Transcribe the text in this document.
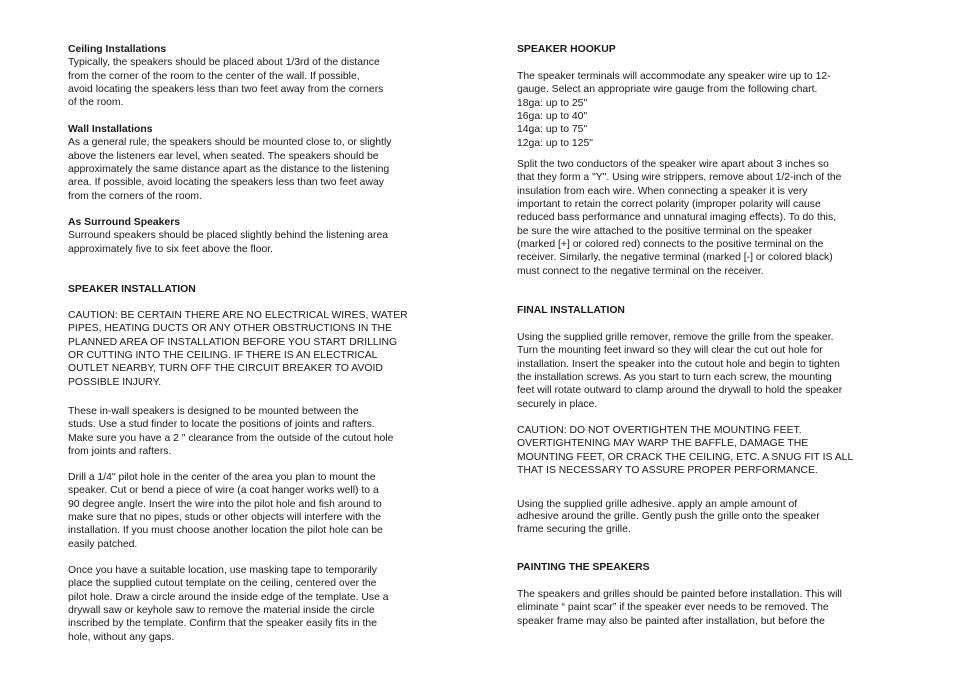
Ceiling Installations
Typically, the speakers should be placed about 1/3rd of the distance
from the corner of the room to the center of the wall. If possible,
avoid locating the speakers less than two feet away from the corners
of the room.
Wall Installations
As a general rule, the speakers should be mounted close to, or slightly
above the listeners ear level, when seated. The speakers should be
approximately the same distance apart as the distance to the listening
area. If possible, avoid locating the speakers less than two feet away
from the corners of the room.
As Surround Speakers
Surround speakers should be placed slightly behind the listening area
approximately five to six feet above the floor.
SPEAKER INSTALLATION
CAUTION: BE CERTAIN THERE ARE NO ELECTRICAL WIRES, WATER
PIPES, HEATING DUCTS OR ANY OTHER OBSTRUCTIONS IN THE
PLANNED AREA OF INSTALLATION BEFORE YOU START DRILLING
OR CUTTING INTO THE CEILING. IF THERE IS AN ELECTRICAL
OUTLET NEARBY, TURN OFF THE CIRCUIT BREAKER TO AVOID
POSSIBLE INJURY.
These in-wall speakers is designed to be mounted between the
studs. Use a stud finder to locate the positions of joints and rafters.
Make sure you have a 2 " clearance from the outside of the cutout hole
from joints and rafters.
Drill a 1/4" pilot hole in the center of the area you plan to mount the
speaker. Cut or bend a piece of wire (a coat hanger works well) to a
90 degree angle. Insert the wire into the pilot hole and fish around to
make sure that no pipes, studs or other objects will interfere with the
installation. If you must choose another location the pilot hole can be
easily patched.
Once you have a suitable location, use masking tape to temporarily
place the supplied cutout template on the ceiling, centered over the
pilot hole. Draw a circle around the inside edge of the template. Use a
drywall saw or keyhole saw to remove the material inside the circle
inscribed by the template. Confirm that the speaker easily fits in the
hole, without any gaps.
SPEAKER HOOKUP
The speaker terminals will accommodate any speaker wire up to 12-
gauge. Select an appropriate wire gauge from the following chart.
18ga: up to 25"
16ga: up to 40"
14ga: up to 75"
12ga: up to 125"
Split the two conductors of the speaker wire apart about 3 inches so
that they form a "Y". Using wire strippers, remove about 1/2-inch of the
insulation from each wire. When connecting a speaker it is very
important to retain the correct polarity (improper polarity will cause
reduced bass performance and unnatural imaging effects). To do this,
be sure the wire attached to the positive terminal on the speaker
(marked [+] or colored red) connects to the positive terminal on the
receiver. Similarly, the negative terminal (marked [-] or colored black)
must connect to the negative terminal on the receiver.
FINAL INSTALLATION
Using the supplied grille remover, remove the grille from the speaker.
Turn the mounting feet inward so they will clear the cut out hole for
installation. Insert the speaker into the cutout hole and begin to tighten
the installation screws. As you start to turn each screw, the mounting
feet will rotate outward to clamp around the drywall to hold the speaker
securely in place.
CAUTION: DO NOT OVERTIGHTEN THE MOUNTING FEET.
OVERTIGHTENING MAY WARP THE BAFFLE, DAMAGE THE
MOUNTING FEET, OR CRACK THE CEILING, ETC. A SNUG FIT IS ALL
THAT IS NECESSARY TO ASSURE PROPER PERFORMANCE.
Using the supplied grille adhesive. apply an ample amount of
adhesive around the grille. Gently push the grille onto the speaker
frame securing the grille.
PAINTING THE SPEAKERS
The speakers and grilles should be painted before installation. This will
eliminate “ paint scar” if the speaker ever needs to be removed. The
speaker frame may also be painted after installation, but before the
